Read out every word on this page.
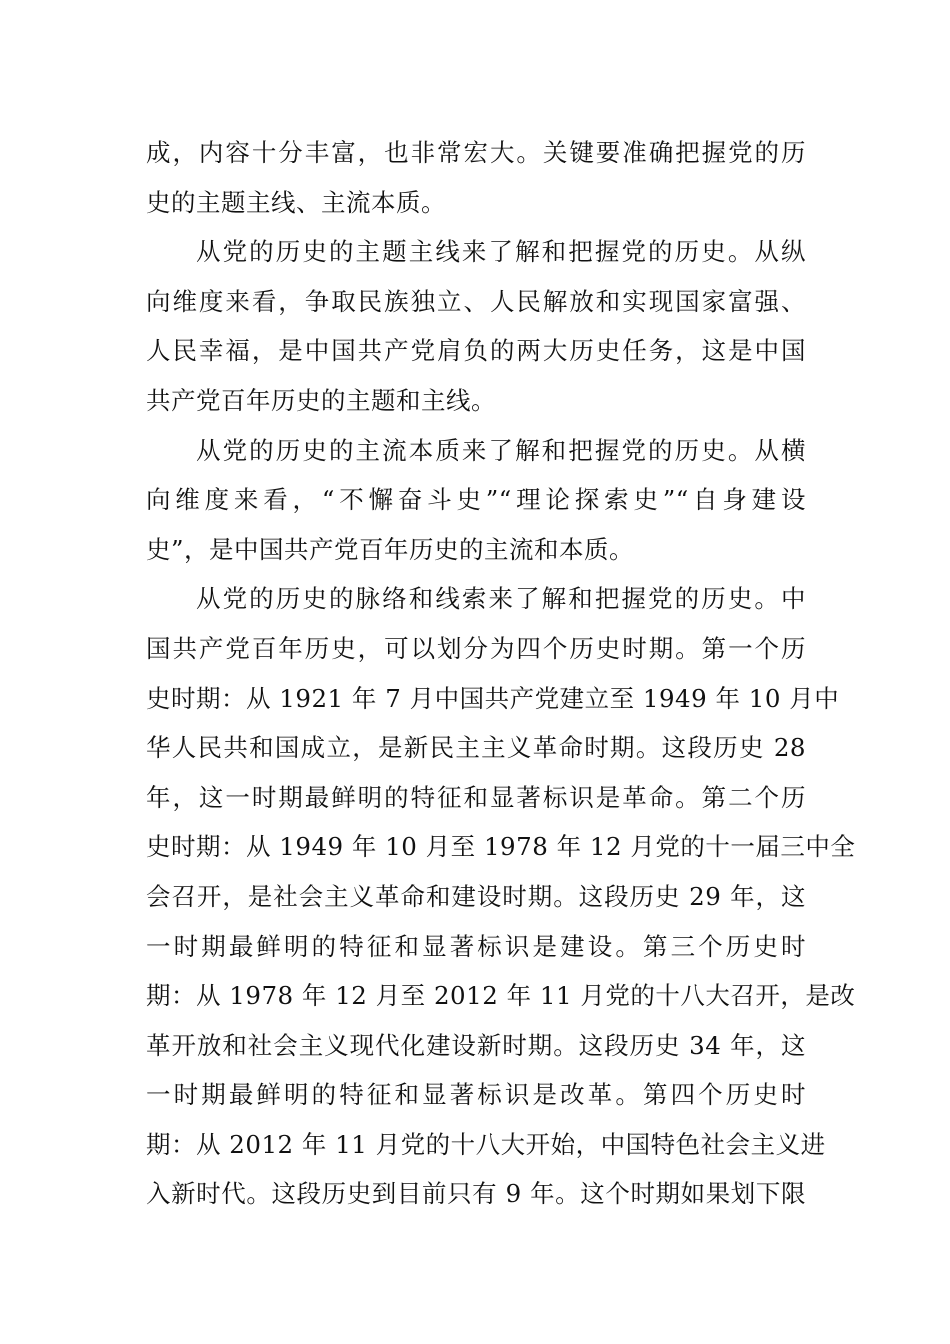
成，内容十分丰富，也非常宏大。关键要准确把握党的历
史的主题主线、主流本质。
从党的历史的主题主线来了解和把握党的历史。从纵
向维度来看，争取民族独立、人民解放和实现国家富强、
人民幸福，是中国共产党肩负的两大历史任务，这是中国
共产党百年历史的主题和主线。
从党的历史的主流本质来了解和把握党的历史。从横
向维度来看，“不懈奋斗史”“理论探索史”“自身建设
史”，是中国共产党百年历史的主流和本质。
从党的历史的脉络和线索来了解和把握党的历史。中
国共产党百年历史，可以划分为四个历史时期。第一个历
史时期：从 1921 年 7 月中国共产党建立至 1949 年 10 月中
华人民共和国成立，是新民主主义革命时期。这段历史 28
年，这一时期最鲜明的特征和显著标识是革命。第二个历
史时期：从 1949 年 10 月至 1978 年 12 月党的十一届三中全
会召开，是社会主义革命和建设时期。这段历史 29 年，这
一时期最鲜明的特征和显著标识是建设。第三个历史时
期：从 1978 年 12 月至 2012 年 11 月党的十八大召开，是改
革开放和社会主义现代化建设新时期。这段历史 34 年，这
一时期最鲜明的特征和显著标识是改革。第四个历史时
期：从 2012 年 11 月党的十八大开始，中国特色社会主义进
入新时代。这段历史到目前只有 9 年。这个时期如果划下限
